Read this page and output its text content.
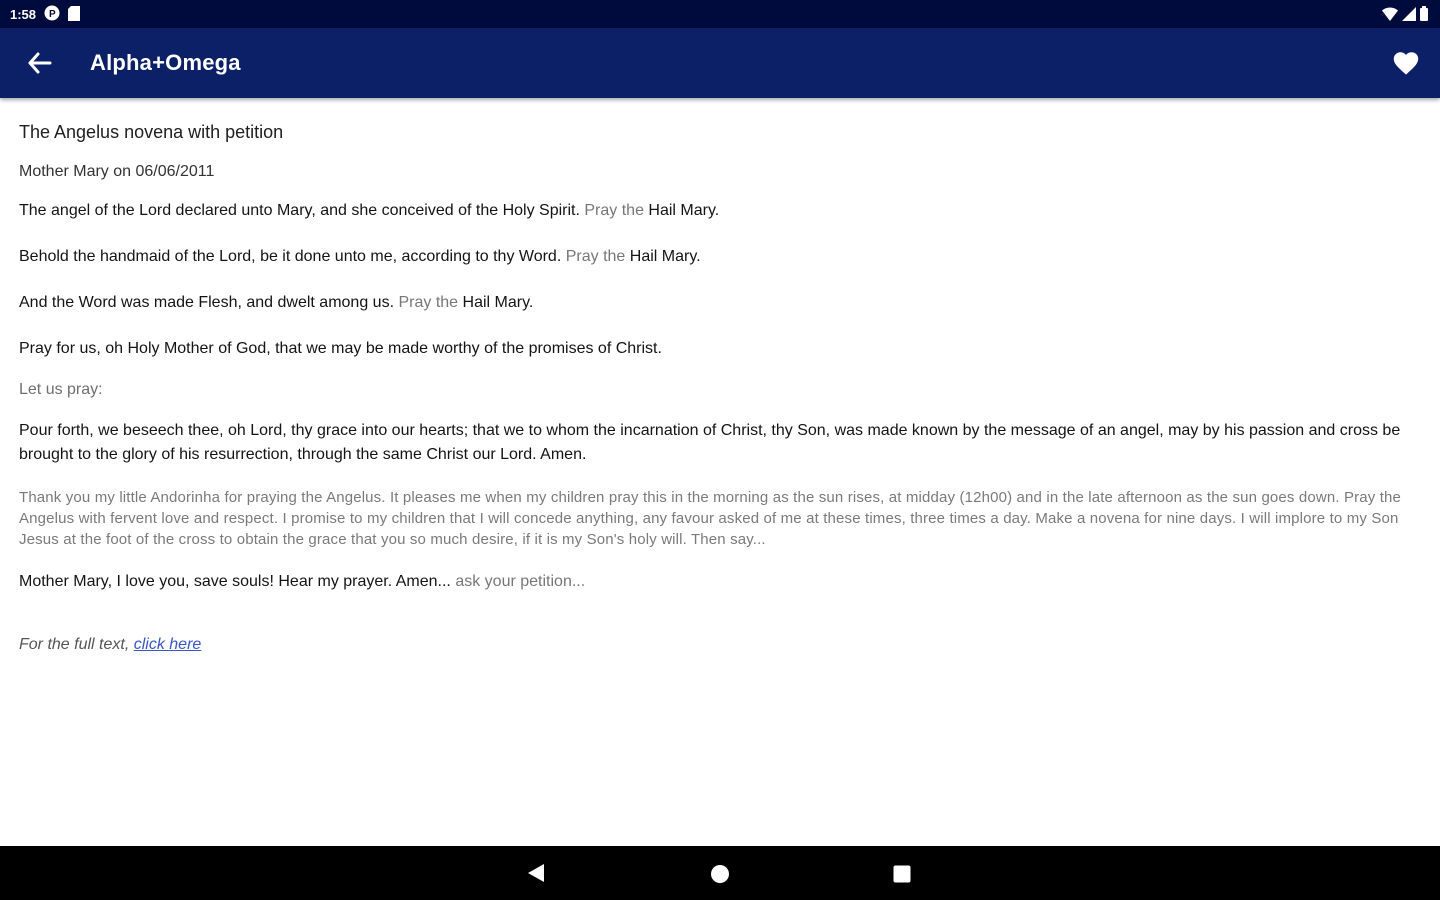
1:58 P
Alpha+Omega
The Angelus novena with petition
Mother Mary on 06/06/2011
The angel of the Lord declared unto Mary, and she conceived of the Holy Spirit. Pray the Hail Mary.
Behold the handmaid of the Lord, be it done unto me, according to thy Word. Pray the Hail Mary.
And the Word was made Flesh, and dwelt among us. Pray the Hail Mary.
Pray for us, oh Holy Mother of God, that we may be made worthy of the promises of Christ.
Let us pray:
Pour forth, we beseech thee, oh Lord, thy grace into our hearts; that we to whom the incarnation of Christ, thy Son, was made known by the message of an angel, may by his passion and cross be brought to the glory of his resurrection, through the same Christ our Lord. Amen.
Thank you my little Andorinha for praying the Angelus. It pleases me when my children pray this in the morning as the sun rises, at midday (12h00) and in the late afternoon as the sun goes down. Pray the Angelus with fervent love and respect. I promise to my children that I will concede anything, any favour asked of me at these times, three times a day. Make a novena for nine days. I will implore to my Son Jesus at the foot of the cross to obtain the grace that you so much desire, if it is my Son's holy will. Then say...
Mother Mary, I love you, save souls! Hear my prayer. Amen... ask your petition...
For the full text, click here
